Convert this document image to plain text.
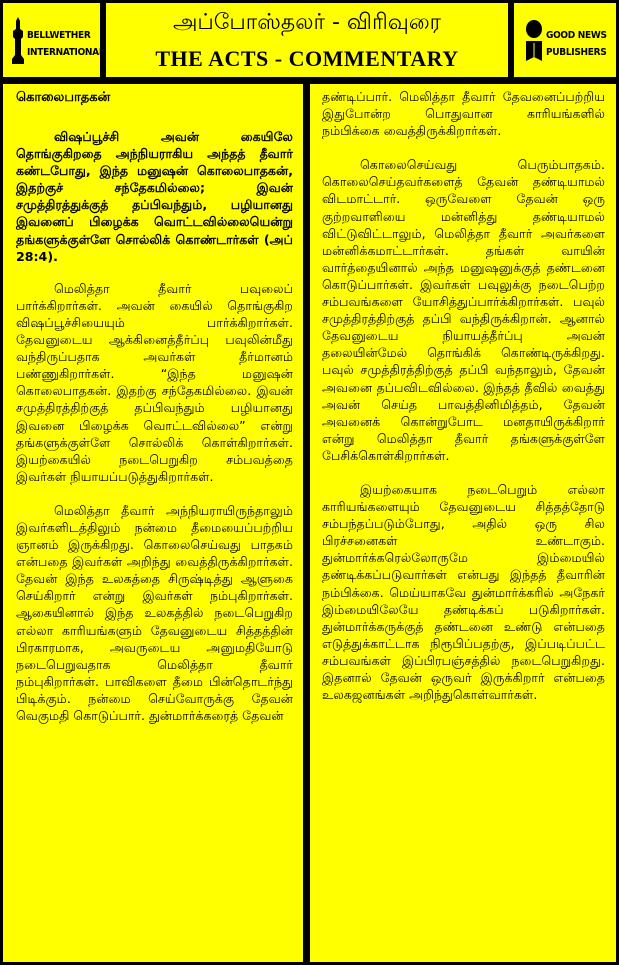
BELLWETHER
INTERNATIONAL
அப்போஸ்தலர் - விரிவுரை
THE ACTS - COMMENTARY
GOOD NEWS
PUBLISHERS
கொலைபாதகன்

விஷப்பூச்சி அவன் கையிலே தொங்குகிறதை அந்நியராகிய அந்தத் தீவார் கண்டபோது, இந்த மனுஷன் கொலைபாதகன், இதற்குச் சந்தேகமில்லை; இவன் சமுத்திரத்துக்குத் தப்பிவந்தும், பழியானது இவனைப் பிழைக்க வொட்டவில்லையென்று தங்களுக்குள்ளே சொல்லிக் கொண்டார்கள் (அப் 28:4).

மெலித்தா தீவார் பவுலைப் பார்க்கிறார்கள். அவன் கையில் தொங்குகிற விஷப்பூச்சியையும் பார்க்கிறார்கள். தேவனுடைய ஆக்கினைத்தீர்ப்பு பவுலின்மீது வந்திருப்பதாக அவர்கள் தீர்மானம் பண்ணுகிறார்கள். “இந்த மனுஷன் கொலைபாதகன். இதற்கு சந்தேகமில்லை. இவன் சமுத்திரத்திற்குத் தப்பிவந்தும் பழியானது இவனை பிழைக்க வொட்டவில்லை” என்று தங்களுக்குள்ளே சொல்லிக் கொள்கிறார்கள். இயற்கையில் நடைபெறுகிற சம்பவத்தை இவர்கள் நியாயப்படுத்துகிறார்கள்.

மெலித்தா தீவார் அந்நியராயிருந்தாலும் இவர்களிடத்திலும் நன்மை தீமையைப்பற்றிய ஞானம் இருக்கிறது. கொலைசெய்வது பாதகம் என்பதை இவர்கள் அறிந்து வைத்திருக்கிறார்கள். தேவன் இந்த உலகத்தை சிருஷ்டித்து ஆளுகை செய்கிறார் என்று இவர்கள் நம்புகிறார்கள். ஆகையினால் இந்த உலகத்தில் நடைபெறுகிற எல்லா காரியங்களும் தேவனுடைய சித்தத்தின் பிரகாரமாக, அவருடைய அனுமதியோடு நடைபெறுவதாக மெலித்தா தீவார் நம்புகிறார்கள். பாவிகளை தீமை பின்தொடர்ந்து பிடிக்கும். நன்மை செய்வோருக்கு தேவன் வெகுமதி கொடுப்பார். துன்மார்க்கரைத் தேவன்

தண்டிப்பார். மெலித்தா தீவார் தேவனைப்பற்றிய இதுபோன்ற பொதுவான காரியங்களில் நம்பிக்கை வைத்திருக்கிறார்கள்.

கொலைசெய்வது பெரும்பாதகம். கொலைசெய்தவர்களைத் தேவன் தண்டியாமல் விடமாட்டார். ஒருவேளை தேவன் ஒரு குற்றவாளியை மன்னித்து தண்டியாமல் விட்டுவிட்டாலும், மெலித்தா தீவார் அவர்களை மன்னிக்கமாட்டார்கள். தங்கள் வாயின் வார்த்தையினால் அந்த மனுஷனுக்குத் தண்டனை கொடுப்பார்கள். இவர்கள் பவுலுக்கு நடைபெற்ற சம்பவங்களை யோசித்துப்பார்க்கிறார்கள். பவுல் சமுத்திரத்திற்குத் தப்பி வந்திருக்கிறான். ஆனால் தேவனுடைய நியாயத்தீர்ப்பு அவன் தலையின்மேல் தொங்கிக் கொண்டிருக்கிறது. பவுல் சமுத்திரத்திற்குத் தப்பி வந்தாலும், தேவன் அவனை தப்பவிடவில்லை. இந்தத் தீவில் வைத்து அவன் செய்த பாவத்தினிமித்தம், தேவன் அவனைக் கொன்றுபோட மனதாயிருக்கிறார் என்று மெலித்தா தீவார் தங்களுக்குள்ளே பேசிக்கொள்கிறார்கள்.

இயற்கையாக நடைபெறும் எல்லா காரியங்களையும் தேவனுடைய சித்தத்தோடு சம்பந்தப்படும்போது, அதில் ஒரு சில பிரச்சனைகள் உண்டாகும். துன்மார்க்கரெல்லோருமே இம்மையில் தண்டிக்கப்படுவார்கள் என்பது இந்தத் தீவாரின் நம்பிக்கை. மெய்யாகவே துன்மார்க்கரில் அநேகர் இம்மையிலேயே தண்டிக்கப் படுகிறார்கள். துன்மார்க்கருக்குத் தண்டனை உண்டு என்பதை எடுத்துக்காட்டாக நிரூபிப்பதற்கு, இப்படிப்பட்ட சம்பவங்கள் இப்பிரபஞ்சத்தில் நடைபெறுகிறது. இதனால் தேவன் ஒருவர் இருக்கிறார் என்பதை உலகஜனங்கள் அறிந்துகொள்வார்கள்.
